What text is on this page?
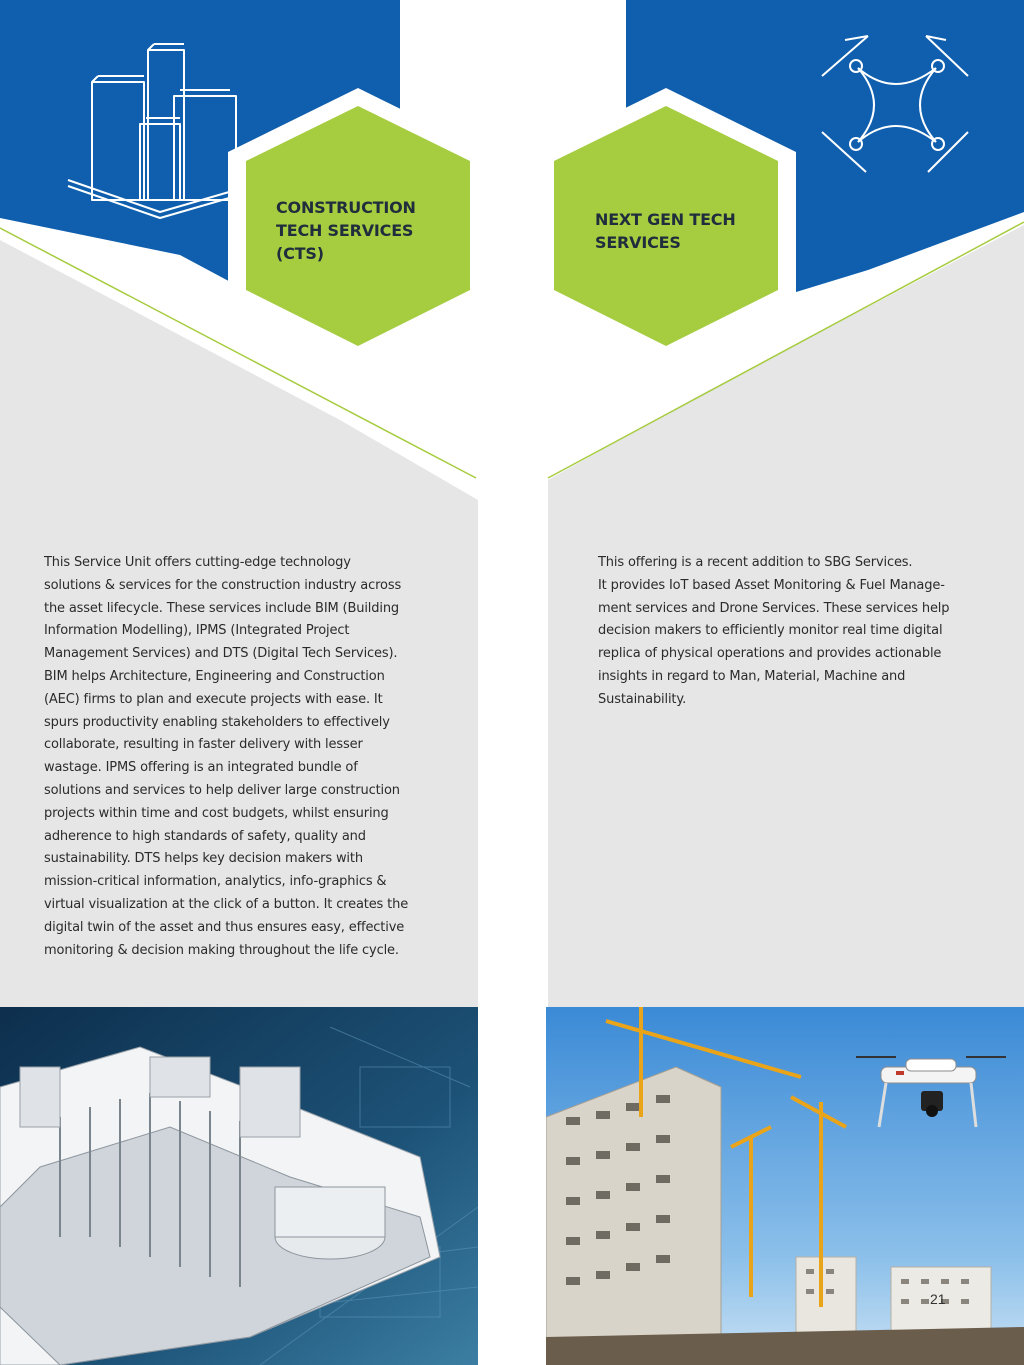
CONSTRUCTION
TECH SERVICES
(CTS)
NEXT GEN TECH
SERVICES
This Service Unit offers cutting-edge technology
solutions & services for the construction industry across
the asset lifecycle. These services include BIM (Building
Information Modelling), IPMS (Integrated Project
Management Services) and DTS (Digital Tech Services).
BIM helps Architecture, Engineering and Construction
(AEC) firms to plan and execute projects with ease. It
spurs productivity enabling stakeholders to effectively
collaborate, resulting in faster delivery with lesser
wastage. IPMS offering is an integrated bundle of
solutions and services to help deliver large construction
projects within time and cost budgets, whilst ensuring
adherence to high standards of safety, quality and
sustainability. DTS helps key decision makers with
mission-critical information, analytics, info-graphics &
virtual visualization at the click of a button. It creates the
digital twin of the asset and thus ensures easy, effective
monitoring & decision making throughout the life cycle.
This offering is a recent addition to SBG Services.
It provides IoT based Asset Monitoring & Fuel Manage-
ment services and Drone Services. These services help
decision makers to efficiently monitor real time digital
replica of physical operations and provides actionable
insights in regard to Man, Material, Machine and
Sustainability.
21
